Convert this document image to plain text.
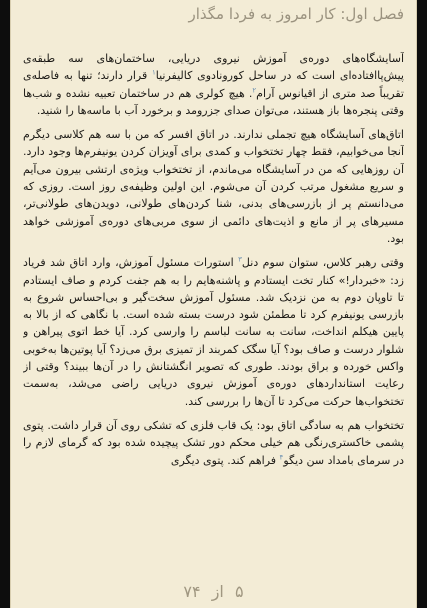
فصل اول: کار امروز به فردا مگذار

آسایشگاه‌های دوره‌ی آموزش نیروی دریایی، ساختمان‌های سه طبقه‌ی پیش‌پاافتاده‌ای است که در ساحل کورونادوی کالیفرنیا$^١$ قرار دارند؛ تنها به فاصله‌ی تقریباً صد متری از اقیانوس آرام$^٢$. هیچ کولری هم در ساختمان تعبیه نشده و شب‌ها وقتی پنجره‌ها باز هستند، می‌توان صدای جزرومد و برخورد آب با ماسه‌ها را شنید.

اتاق‌های آسایشگاه هیچ تجملی ندارند. در اتاق افسر که من با سه هم کلاسی دیگرم آنجا می‌خوابیم، فقط چهار تختخواب و کمدی برای آویزان کردن یونیفرم‌ها وجود دارد. آن روزهایی که من در آسایشگاه می‌ماندم، از تختخواب ویژه‌ی ارتشی بیرون می‌آیم و سریع مشغول مرتب کردن آن می‌شوم. این اولین وظیفه‌ی روز است. روزی که می‌دانستم پر از بازرسی‌های بدنی، شنا کردن‌های طولانی، دویدن‌های طولانی‌تر، مسیرهای پر از مانع و اذیت‌های دائمی از سوی مربی‌های دوره‌ی آموزشی خواهد بود.

وقتی رهبر کلاس، ستوان سوم دنل$^٣$ استورات مسئول آموزش، وارد اتاق شد فریاد زد: «خبردار!» کنار تخت ایستادم و پاشنه‌هایم را به هم جفت کردم و صاف ایستادم تا تاوپان دوم به من نزدیک شد. مسئول آموزش سخت‌گیر و بی‌احساس شروع به بازرسی یونیفرم کرد تا مطمئن شود درست بسته شده است. با نگاهی که از بالا به پایین هیکلم انداخت، سانت به سانت لباسم را وارسی کرد. آیا خط اتوی پیراهن و شلوار درست و صاف بود؟ آیا سگک کمربند از تمیزی برق می‌زد؟ آیا پوتین‌ها به‌خوبی واکس خورده و براق بودند. طوری که تصویر انگشتانش را در آن‌ها ببیند؟ وقتی از رعایت استانداردهای دوره‌ی آموزش نیروی دریایی راضی می‌شد، به‌سمت تختخواب‌ها حرکت می‌کرد تا آن‌ها را بررسی کند.

تختخواب هم به سادگی اتاق بود: یک قاب فلزی که تشکی روی آن قرار داشت. پتوی پشمی خاکستری‌رنگی هم خیلی محکم دور تشک پیچیده شده بود که گرمای لازم را در سرمای بامداد سن دیگو$^۴$ فراهم کند. پتوی دیگری

۵ از ۷۴
